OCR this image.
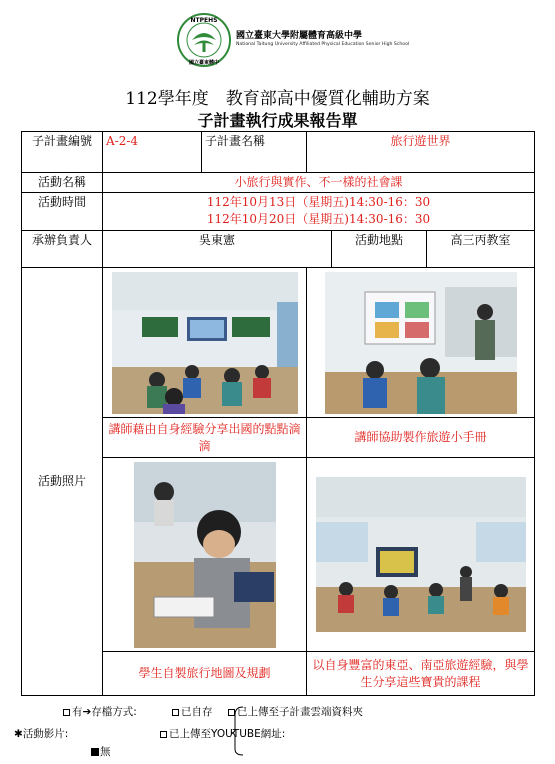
NTPEHS
國立臺東體中
國立臺東大學附屬體育高級中學
National Taitung University Affiliated Physical Education Senior High School
112學年度　教育部高中優質化輔助方案
子計畫執行成果報告單
子計畫編號	A-2-4	子計畫名稱	旅行遊世界		
活動名稱	小旅行與實作、不一樣的社會課				
活動時間	112年10月13日（星期五)14:30-16：30
112年10月20日（星期五)14:30-16：30				

承辦負責人	吳東憲			活動地點	高三丙教室
活動照片	

	講師藉由自身經驗分享出國的點點滴滴		講師協助製作旅遊小手冊		

	學生自製旅行地圖及規劃		以自身豐富的東亞、南亞旅遊經驗，與學生分享這些寶貴的課程		
有➔存檔方式:	已自存	已上傳至子計畫雲端資料夾
✱活動影片:	已上傳至YOUTUBE網址:
無
